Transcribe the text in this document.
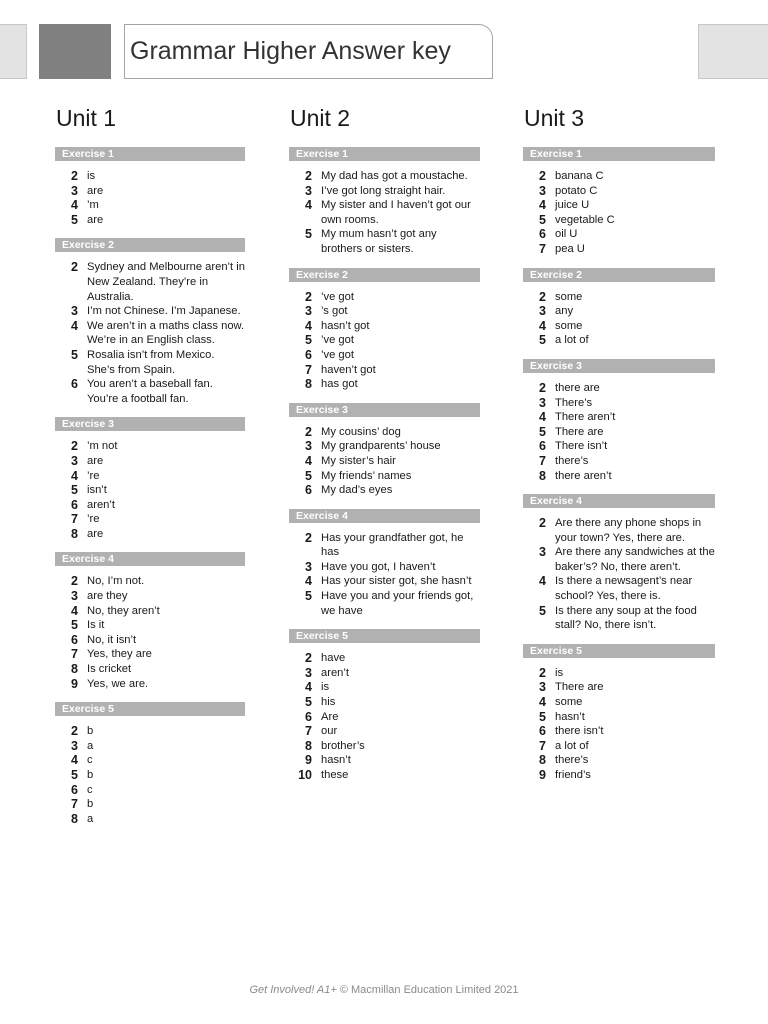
Grammar Higher Answer key
Unit 1
Exercise 1
2 is
3 are
4 ’m
5 are
Exercise 2
2 Sydney and Melbourne aren’t in New Zealand. They’re in Australia.
3 I’m not Chinese. I’m Japanese.
4 We aren’t in a maths class now. We’re in an English class.
5 Rosalia isn’t from Mexico. She’s from Spain.
6 You aren’t a baseball fan. You’re a football fan.
Exercise 3
2 ’m not
3 are
4 ’re
5 isn’t
6 aren’t
7 ’re
8 are
Exercise 4
2 No, I’m not.
3 are they
4 No, they aren’t
5 Is it
6 No, it isn’t
7 Yes, they are
8 Is cricket
9 Yes, we are.
Exercise 5
2 b
3 a
4 c
5 b
6 c
7 b
8 a
Unit 2
Exercise 1
2 My dad has got a moustache.
3 I’ve got long straight hair.
4 My sister and I haven’t got our own rooms.
5 My mum hasn’t got any brothers or sisters.
Exercise 2
2 ’ve got
3 ’s got
4 hasn’t got
5 ’ve got
6 ’ve got
7 haven’t got
8 has got
Exercise 3
2 My cousins’ dog
3 My grandparents’ house
4 My sister’s hair
5 My friends’ names
6 My dad’s eyes
Exercise 4
2 Has your grandfather got, he has
3 Have you got, I haven’t
4 Has your sister got, she hasn’t
5 Have you and your friends got, we have
Exercise 5
2 have
3 aren’t
4 is
5 his
6 Are
7 our
8 brother’s
9 hasn’t
10 these
Unit 3
Exercise 1
2 banana C
3 potato C
4 juice U
5 vegetable C
6 oil U
7 pea U
Exercise 2
2 some
3 any
4 some
5 a lot of
Exercise 3
2 there are
3 There’s
4 There aren’t
5 There are
6 There isn’t
7 there’s
8 there aren’t
Exercise 4
2 Are there any phone shops in your town? Yes, there are.
3 Are there any sandwiches at the baker’s? No, there aren’t.
4 Is there a newsagent’s near school? Yes, there is.
5 Is there any soup at the food stall? No, there isn’t.
Exercise 5
2 is
3 There are
4 some
5 hasn’t
6 there isn’t
7 a lot of
8 there’s
9 friend’s
Get Involved! A1+ © Macmillan Education Limited 2021
